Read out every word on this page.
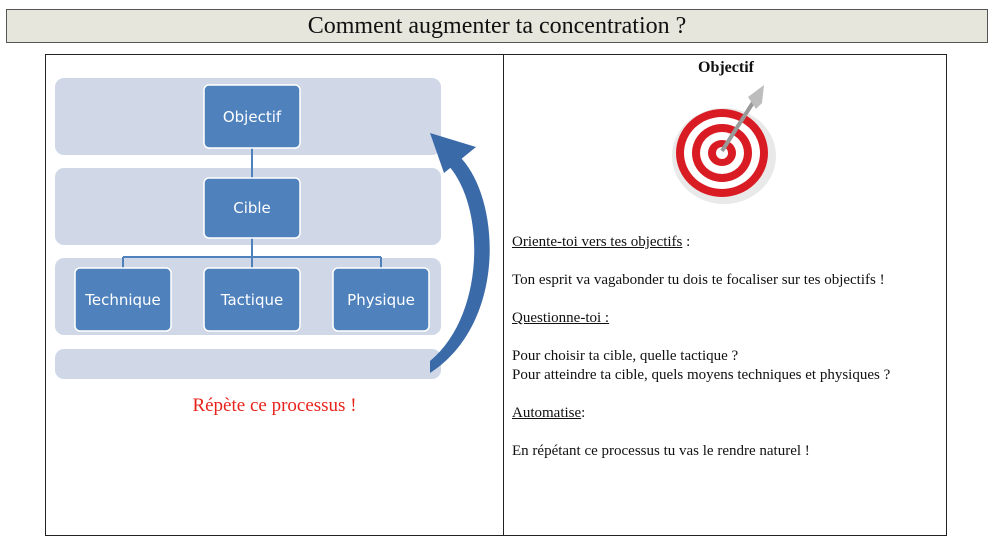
Comment augmenter ta concentration ?
Objectif
Cible
Technique	Tactique	Physique
Répète ce processus !
Objectif

Oriente-toi vers tes objectifs :

Ton esprit va vagabonder tu dois te focaliser sur tes objectifs !

Questionne-toi :

Pour choisir ta cible, quelle tactique ?

Pour atteindre ta cible, quels moyens techniques et physiques ?

Automatise:

En répétant ce processus tu vas le rendre naturel !
